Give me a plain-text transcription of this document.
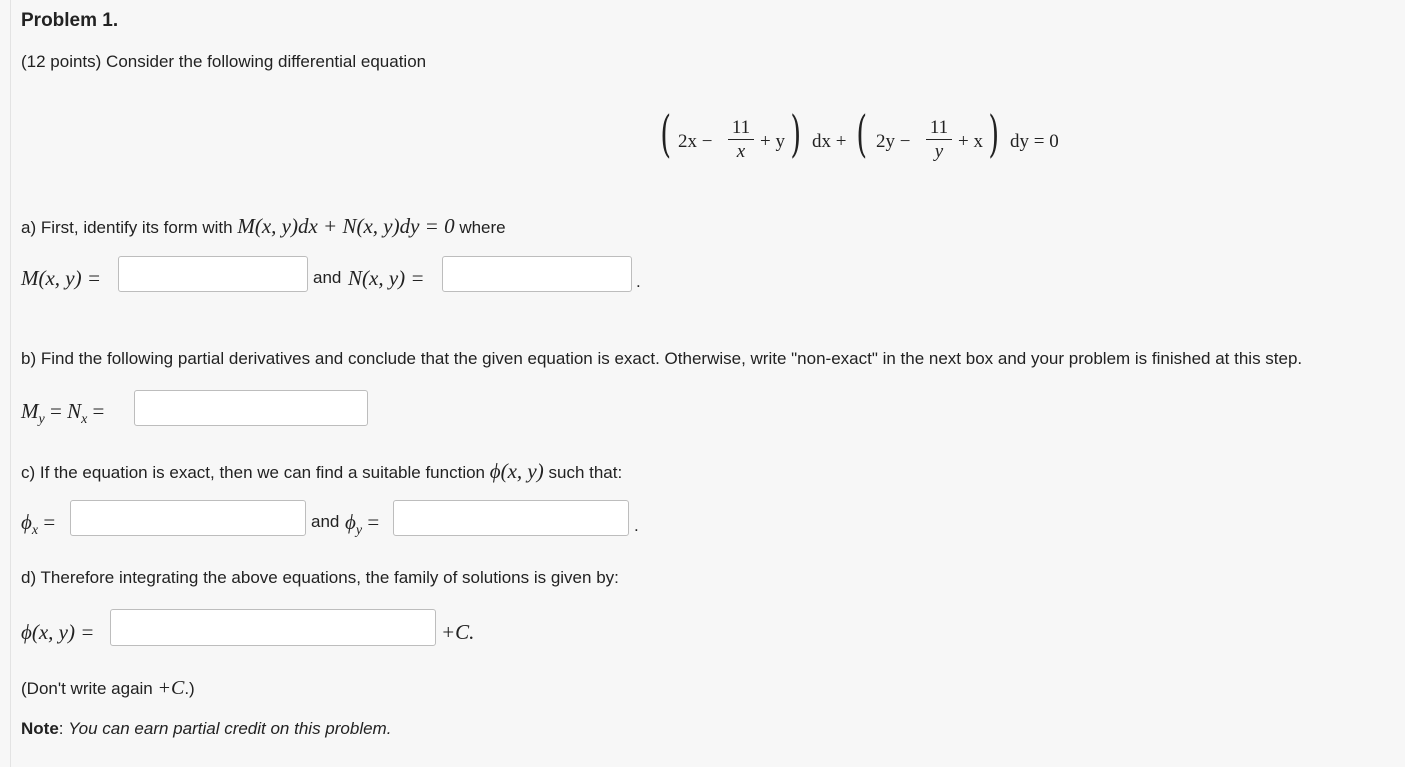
Problem 1.
(12 points) Consider the following differential equation
( 2x −
11
x + y ) dx + ( 2y −
11
y + x ) dy = 0
a) First, identify its form with M(x, y)dx + N(x, y)dy = 0 where
M(x, y) =	and N(x, y) =	.
b) Find the following partial derivatives and conclude that the given equation is exact. Otherwise, write "non-exact" in the next box and your problem is finished at this step.
$M_y = N_x$ =
c) If the equation is exact, then we can find a suitable function ϕ(x, y) such that:
$\phi_x$ =	and $\phi_y$ =	.
d) Therefore integrating the above equations, the family of solutions is given by:
ϕ(x, y) =	+C.
(Don't write again +C.)
Note: You can earn partial credit on this problem.
